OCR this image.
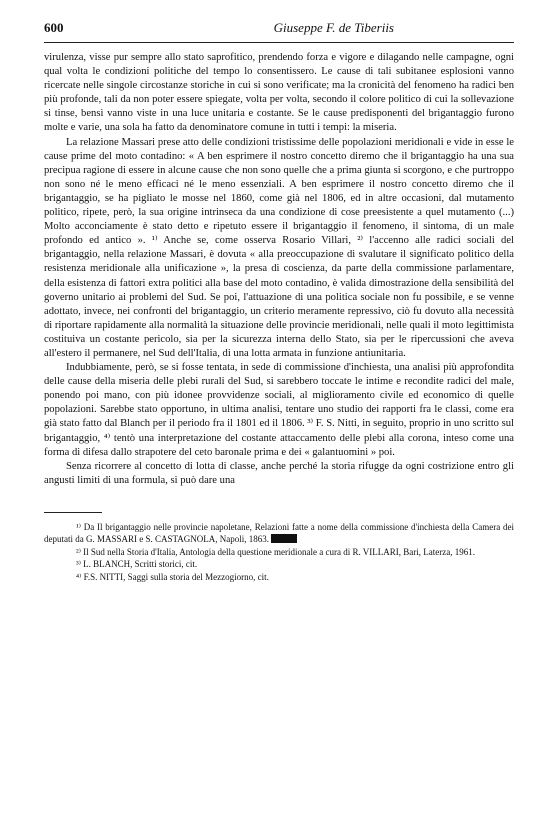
600	Giuseppe F. de Tiberiis

virulenza, visse pur sempre allo stato saprofitico, prendendo forza e vigore e dilagando nelle campagne, ogni qual volta le condizioni politiche del tempo lo consentissero. Le cause di tali subitanee esplosioni vanno ricercate nelle singole circostanze storiche in cui si sono verificate; ma la cronicità del fenomeno ha radici ben più profonde, tali da non poter essere spiegate, volta per volta, secondo il colore politico di cui la sollevazione si tinse, bensì vanno viste in una luce unitaria e costante. Se le cause predisponenti del brigantaggio furono molte e varie, una sola ha fatto da denominatore comune in tutti i tempi: la miseria.

La relazione Massari prese atto delle condizioni tristissime delle popolazioni meridionali e vide in esse le cause prime del moto contadino: « A ben esprimere il nostro concetto diremo che il brigantaggio ha una sua precipua ragione di essere in alcune cause che non sono quelle che a prima giunta si scorgono, e che purtroppo non sono né le meno efficaci né le meno essenziali. A ben esprimere il nostro concetto diremo che il brigantaggio, se ha pigliato le mosse nel 1860, come già nel 1806, ed in altre occasioni, dal mutamento politico, ripete, però, la sua origine intrinseca da una condizione di cose preesistente a quel mutamento (...) Molto acconciamente è stato detto e ripetuto essere il brigantaggio il fenomeno, il sintoma, di un male profondo ed antico ». ¹⁾ Anche se, come osserva Rosario Villari, ²⁾ l'accenno alle radici sociali del brigantaggio, nella relazione Massari, è dovuta « alla preoccupazione di svalutare il significato politico della resistenza meridionale alla unificazione », la presa di coscienza, da parte della commissione parlamentare, della esistenza di fattori extra politici alla base del moto contadino, è valida dimostrazione della sensibilità del governo unitario ai problemi del Sud. Se poi, l'attuazione di una politica sociale non fu possibile, e se venne adottato, invece, nei confronti del brigantaggio, un criterio meramente repressivo, ciò fu dovuto alla necessità di riportare rapidamente alla normalità la situazione delle provincie meridionali, nelle quali il moto legittimista costituiva un costante pericolo, sia per la sicurezza interna dello Stato, sia per le ripercussioni che aveva all'estero il permanere, nel Sud dell'Italia, di una lotta armata in funzione antiunitaria.

Indubbiamente, però, se si fosse tentata, in sede di commissione d'inchiesta, una analisi più approfondita delle cause della miseria delle plebi rurali del Sud, si sarebbero toccate le intime e recondite radici del male, ponendo poi mano, con più idonee provvidenze sociali, al miglioramento civile ed economico di quelle popolazioni. Sarebbe stato opportuno, in ultima analisi, tentare uno studio dei rapporti fra le classi, come era già stato fatto dal Blanch per il periodo fra il 1801 ed il 1806. ³⁾ F. S. Nitti, in seguito, proprio in uno scritto sul brigantaggio, ⁴⁾ tentò una interpretazione del costante attaccamento delle plebi alla corona, inteso come una forma di difesa dallo strapotere del ceto baronale prima e dei « galantuomini » poi.

Senza ricorrere al concetto di lotta di classe, anche perché la storia rifugge da ogni costrizione entro gli angusti limiti di una formula, si può dare una

¹⁾ Da Il brigantaggio nelle provincie napoletane, Relazioni fatte a nome della commissione d'inchiesta della Camera dei deputati da G. MASSARI e S. CASTAGNOLA, Napoli, 1863.

²⁾ Il Sud nella Storia d'Italia, Antologia della questione meridionale a cura di R. VILLARI, Bari, Laterza, 1961.

³⁾ L. BLANCH, Scritti storici, cit.

⁴⁾ F.S. NITTI, Saggi sulla storia del Mezzogiorno, cit.
